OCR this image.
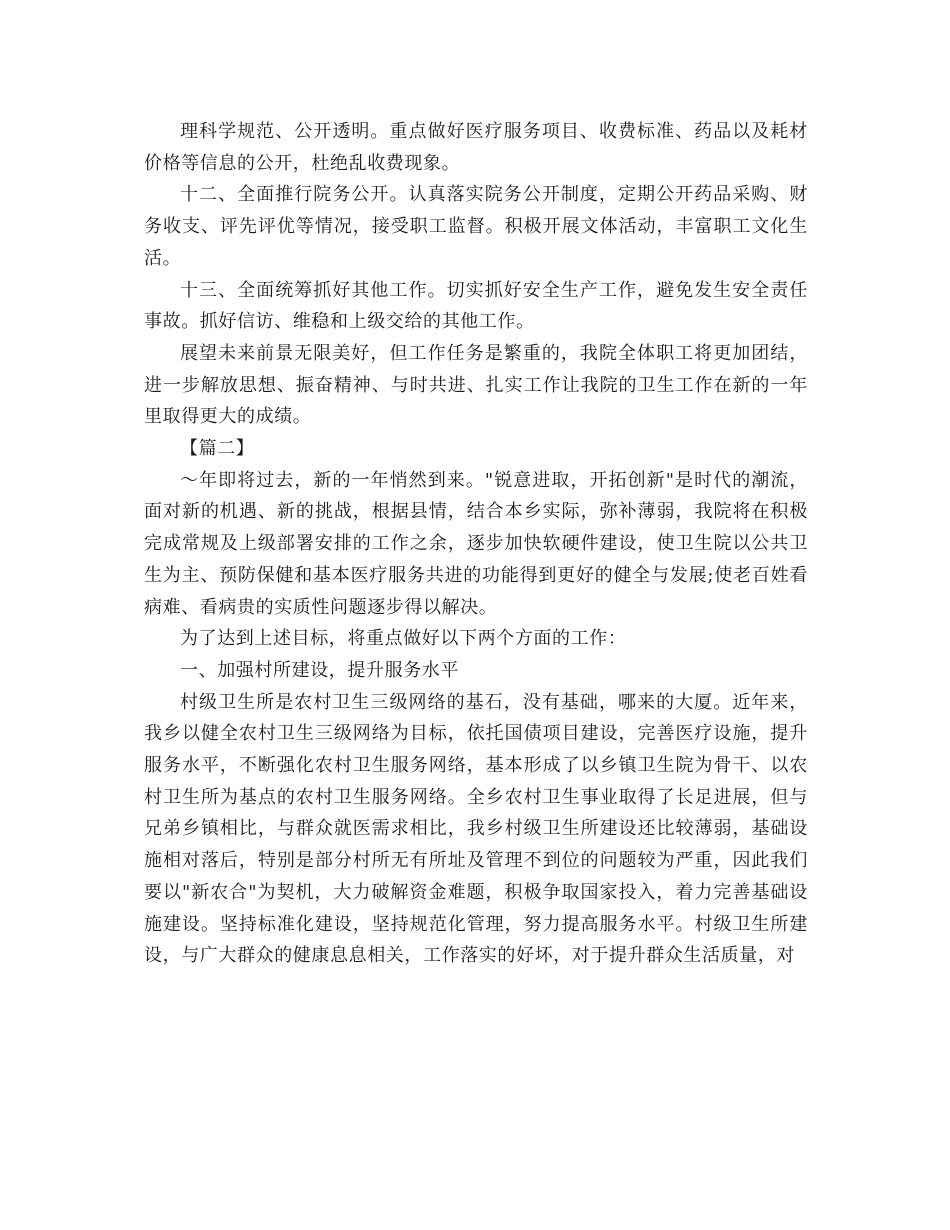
理科学规范、公开透明。重点做好医疗服务项目、收费标准、药品以及耗材价格等信息的公开，杜绝乱收费现象。

十二、全面推行院务公开。认真落实院务公开制度，定期公开药品采购、财务收支、评先评优等情况，接受职工监督。积极开展文体活动，丰富职工文化生活。

十三、全面统筹抓好其他工作。切实抓好安全生产工作，避免发生安全责任事故。抓好信访、维稳和上级交给的其他工作。

展望未来前景无限美好，但工作任务是繁重的，我院全体职工将更加团结，进一步解放思想、振奋精神、与时共进、扎实工作让我院的卫生工作在新的一年里取得更大的成绩。

【篇二】

～年即将过去，新的一年悄然到来。"锐意进取，开拓创新"是时代的潮流，面对新的机遇、新的挑战，根据县情，结合本乡实际，弥补薄弱，我院将在积极完成常规及上级部署安排的工作之余，逐步加快软硬件建设，使卫生院以公共卫生为主、预防保健和基本医疗服务共进的功能得到更好的健全与发展;使老百姓看病难、看病贵的实质性问题逐步得以解决。

为了达到上述目标，将重点做好以下两个方面的工作：

一、加强村所建设，提升服务水平

村级卫生所是农村卫生三级网络的基石，没有基础，哪来的大厦。近年来，我乡以健全农村卫生三级网络为目标，依托国债项目建设，完善医疗设施，提升服务水平，不断强化农村卫生服务网络，基本形成了以乡镇卫生院为骨干、以农村卫生所为基点的农村卫生服务网络。全乡农村卫生事业取得了长足进展，但与兄弟乡镇相比，与群众就医需求相比，我乡村级卫生所建设还比较薄弱，基础设施相对落后，特别是部分村所无有所址及管理不到位的问题较为严重，因此我们要以"新农合"为契机，大力破解资金难题，积极争取国家投入，着力完善基础设施建设。坚持标准化建设，坚持规范化管理，努力提高服务水平。村级卫生所建设，与广大群众的健康息息相关，工作落实的好坏，对于提升群众生活质量，对
